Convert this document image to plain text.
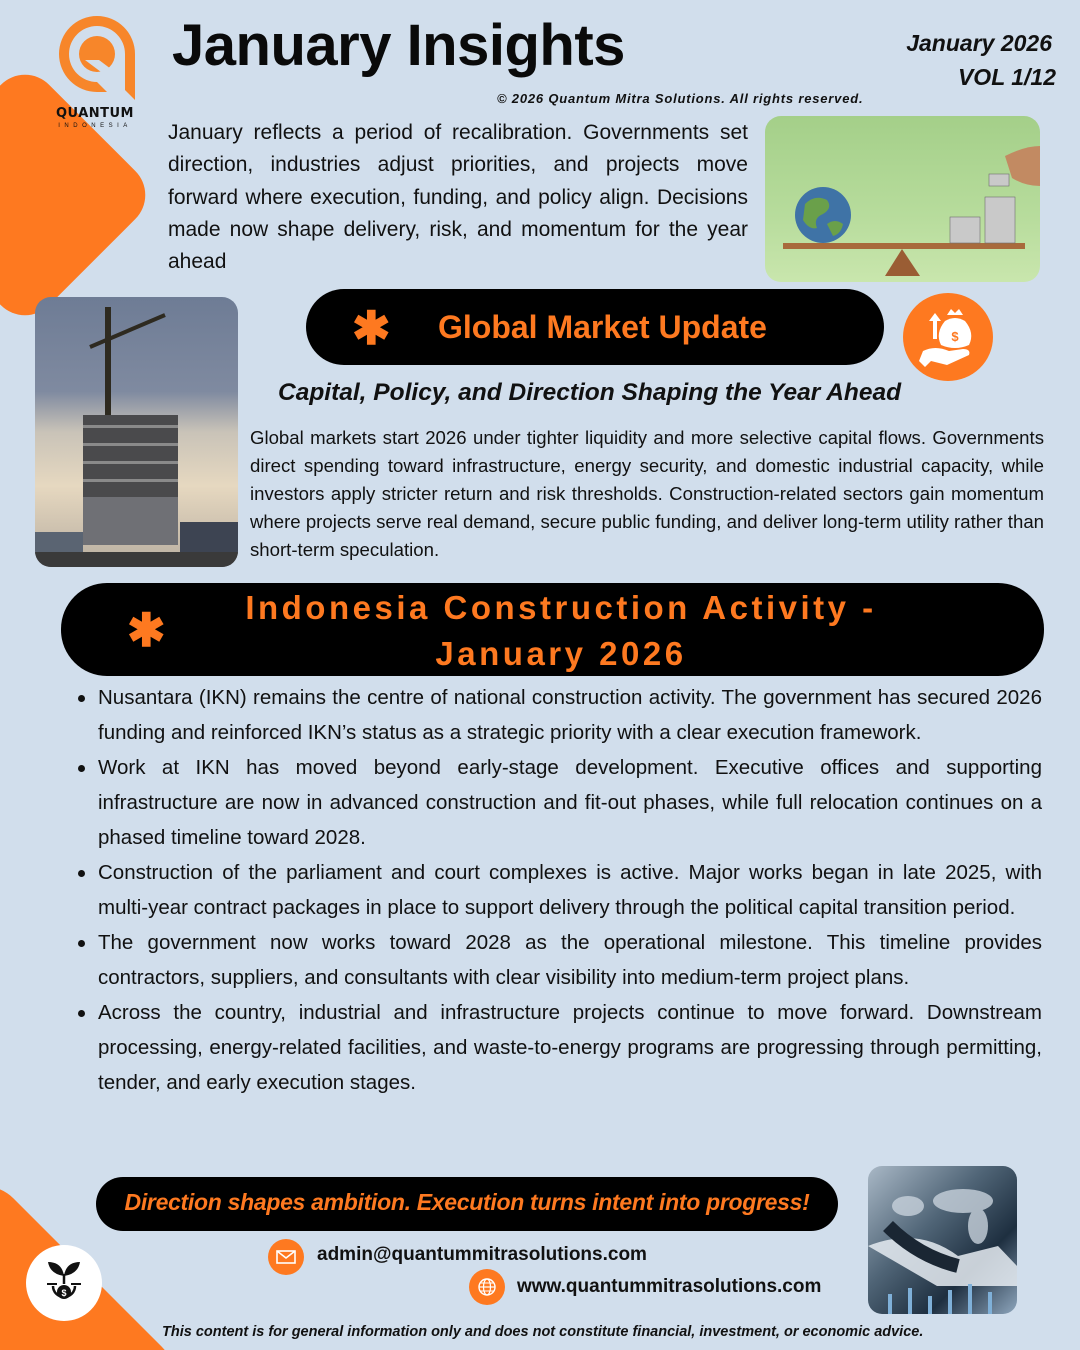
QUANTUM
INDONESIA
January Insights	January 2026
VOL 1/12
© 2026 Quantum Mitra Solutions. All rights reserved.

January reflects a period of recalibration. Governments set direction, industries adjust priorities, and projects move forward where execution, funding, and policy align. Decisions made now shape delivery, risk, and momentum for the year ahead

✱ Global Market Update	$
Capital, Policy, and Direction Shaping the Year Ahead

Global markets start 2026 under tighter liquidity and more selective capital flows. Governments direct spending toward infrastructure, energy security, and domestic industrial capacity, while investors apply stricter return and risk thresholds. Construction-related sectors gain momentum where projects serve real demand, secure public funding, and deliver long-term utility rather than short-term speculation.

✱	Indonesia Construction Activity -
January 2026
Nusantara (IKN) remains the centre of national construction activity. The government has secured 2026 funding and reinforced IKN’s status as a strategic priority with a clear execution framework.
Work at IKN has moved beyond early-stage development. Executive offices and supporting infrastructure are now in advanced construction and fit-out phases, while full relocation continues on a phased timeline toward 2028.
Construction of the parliament and court complexes is active. Major works began in late 2025, with multi-year contract packages in place to support delivery through the political capital transition period.
The government now works toward 2028 as the operational milestone. This timeline provides contractors, suppliers, and consultants with clear visibility into medium-term project plans.
Across the country, industrial and infrastructure projects continue to move forward. Downstream processing, energy-related facilities, and waste-to-energy programs are progressing through permitting, tender, and early execution stages.
Direction shapes ambition. Execution turns intent into progress!
admin@quantummitrasolutions.com
www.quantummitrasolutions.com
$
This content is for general information only and does not constitute financial, investment, or economic advice.
